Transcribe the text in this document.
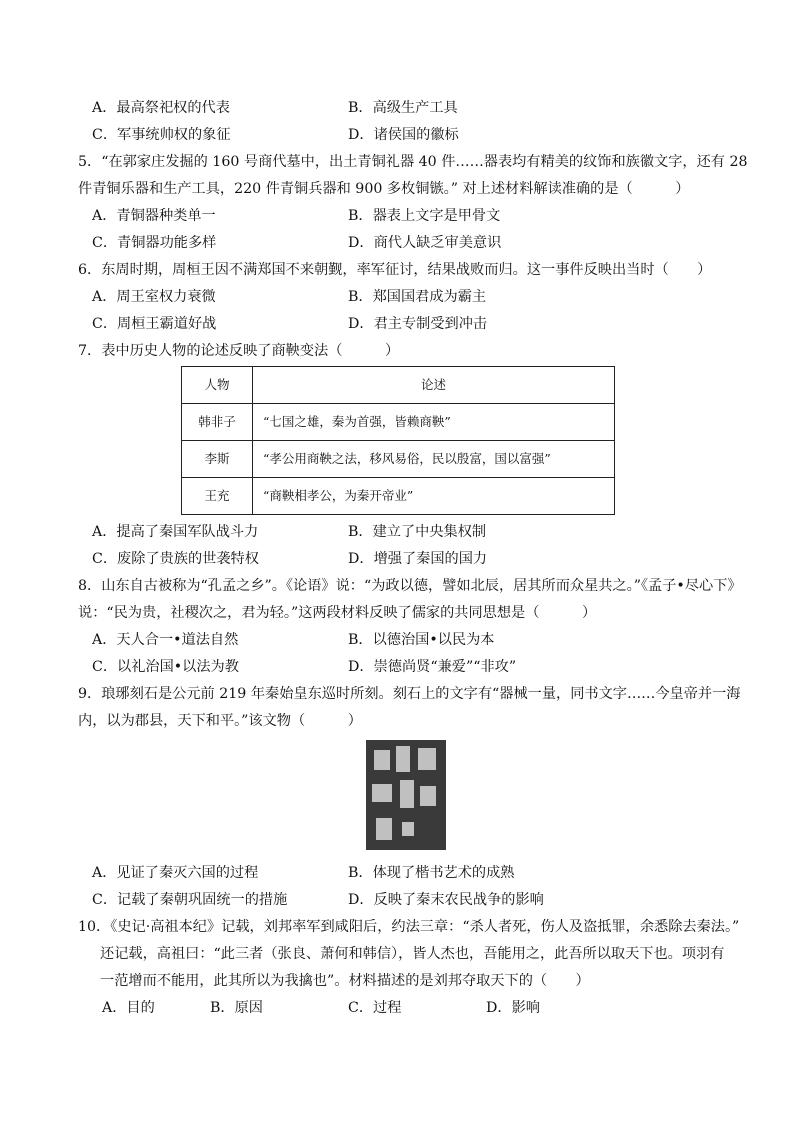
A．最高祭祀权的代表	B．高级生产工具
C．军事统帅权的象征	D．诸侯国的徽标
5．“在郭家庄发掘的 160 号商代墓中，出土青铜礼器 40 件……器表均有精美的纹饰和族徽文字，还有 28
件青铜乐器和生产工具，220 件青铜兵器和 900 多枚铜镞。” 对上述材料解读准确的是（　　　）
A．青铜器种类单一	B．器表上文字是甲骨文
C．青铜器功能多样	D．商代人缺乏审美意识
6．东周时期，周桓王因不满郑国不来朝觐，率军征讨，结果战败而归。这一事件反映出当时（　　）
A．周王室权力衰微	B．郑国国君成为霸主
C．周桓王霸道好战	D．君主专制受到冲击
7．表中历史人物的论述反映了商鞅变法（　　　）
人物	论述
韩非子	“七国之雄，秦为首强，皆赖商鞅”
李斯	“孝公用商鞅之法，移风易俗，民以殷富，国以富强”
王充	“商鞅相孝公，为秦开帝业”
A．提高了秦国军队战斗力	B．建立了中央集权制
C．废除了贵族的世袭特权	D．增强了秦国的国力
8．山东自古被称为“孔孟之乡”。《论语》说：“为政以德，譬如北辰，居其所而众星共之。”《孟子•尽心下》
说：“民为贵，社稷次之，君为轻。”这两段材料反映了儒家的共同思想是（　　　）
A．天人合一•道法自然	B．以德治国•以民为本
C．以礼治国•以法为教	D．崇德尚贤“兼爱”“非攻”
9．琅琊刻石是公元前 219 年秦始皇东巡时所刻。刻石上的文字有“器械一量，同书文字……今皇帝并一海
内，以为郡县，天下和平。”该文物（　　　）
A．见证了秦灭六国的过程	B．体现了楷书艺术的成熟
C．记载了秦朝巩固统一的措施	D．反映了秦末农民战争的影响
10．《史记·高祖本纪》记载，刘邦率军到咸阳后，约法三章：“杀人者死，伤人及盗抵罪，余悉除去秦法。”
还记载，高祖曰：“此三者（张良、萧何和韩信），皆人杰也，吾能用之，此吾所以取天下也。项羽有
一范增而不能用，此其所以为我擒也”。材料描述的是刘邦夺取天下的（　　）
A．目的	B．原因	C．过程	D．影响
